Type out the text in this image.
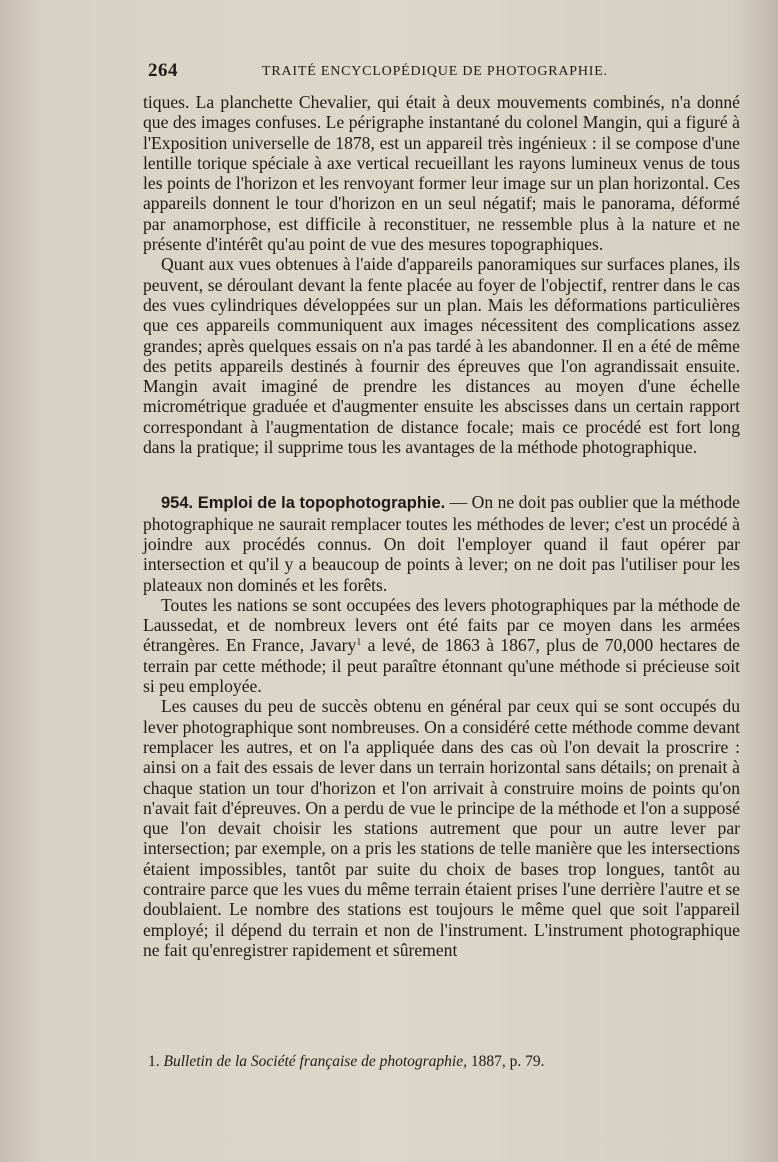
264	TRAITÉ ENCYCLOPÉDIQUE DE PHOTOGRAPHIE.

tiques. La planchette Chevalier, qui était à deux mouvements combinés, n'a donné que des images confuses. Le périgraphe instantané du colonel Mangin, qui a figuré à l'Exposition universelle de 1878, est un appareil très ingénieux : il se compose d'une lentille torique spéciale à axe vertical recueillant les rayons lumineux venus de tous les points de l'horizon et les renvoyant former leur image sur un plan horizontal. Ces appareils donnent le tour d'horizon en un seul négatif; mais le panorama, déformé par anamorphose, est difficile à reconstituer, ne ressemble plus à la nature et ne présente d'intérêt qu'au point de vue des mesures topographiques.

Quant aux vues obtenues à l'aide d'appareils panoramiques sur surfaces planes, ils peuvent, se déroulant devant la fente placée au foyer de l'objectif, rentrer dans le cas des vues cylindriques développées sur un plan. Mais les déformations particulières que ces appareils communiquent aux images nécessitent des complications assez grandes; après quelques essais on n'a pas tardé à les abandonner. Il en a été de même des petits appareils destinés à fournir des épreuves que l'on agrandissait ensuite. Mangin avait imaginé de prendre les distances au moyen d'une échelle micrométrique graduée et d'augmenter ensuite les abscisses dans un certain rapport correspondant à l'augmentation de distance focale; mais ce procédé est fort long dans la pratique; il supprime tous les avantages de la méthode photographique.

954. Emploi de la topophotographie. — On ne doit pas oublier que la méthode photographique ne saurait remplacer toutes les méthodes de lever; c'est un procédé à joindre aux procédés connus. On doit l'employer quand il faut opérer par intersection et qu'il y a beaucoup de points à lever; on ne doit pas l'utiliser pour les plateaux non dominés et les forêts.

Toutes les nations se sont occupées des levers photographiques par la méthode de Laussedat, et de nombreux levers ont été faits par ce moyen dans les armées étrangères. En France, Javary$^1$ a levé, de 1863 à 1867, plus de 70,000 hectares de terrain par cette méthode; il peut paraître étonnant qu'une méthode si précieuse soit si peu employée.

Les causes du peu de succès obtenu en général par ceux qui se sont occupés du lever photographique sont nombreuses. On a considéré cette méthode comme devant remplacer les autres, et on l'a appliquée dans des cas où l'on devait la proscrire : ainsi on a fait des essais de lever dans un terrain horizontal sans détails; on prenait à chaque station un tour d'horizon et l'on arrivait à construire moins de points qu'on n'avait fait d'épreuves. On a perdu de vue le principe de la méthode et l'on a supposé que l'on devait choisir les stations autrement que pour un autre lever par intersection; par exemple, on a pris les stations de telle manière que les intersections étaient impossibles, tantôt par suite du choix de bases trop longues, tantôt au contraire parce que les vues du même terrain étaient prises l'une derrière l'autre et se doublaient. Le nombre des stations est toujours le même quel que soit l'appareil employé; il dépend du terrain et non de l'instrument. L'instrument photographique ne fait qu'enregistrer rapidement et sûrement

1. Bulletin de la Société française de photographie, 1887, p. 79.
